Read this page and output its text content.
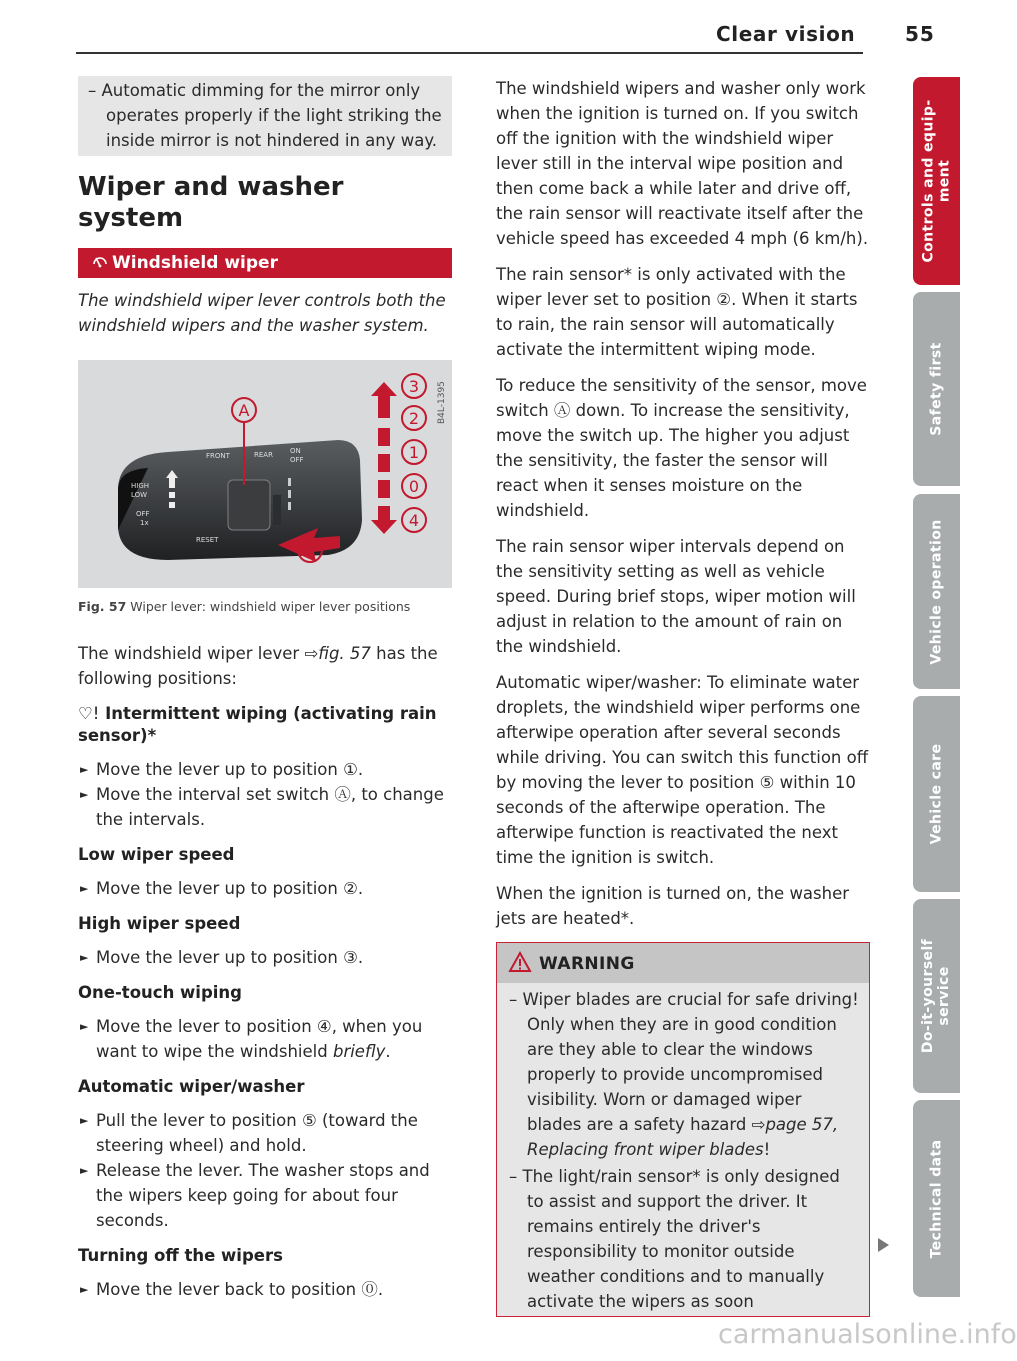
Clear vision 55
Controls and equip-
ment
Safety first
Vehicle operation
Vehicle care
Do-it-yourself
service
Technical data

– Automatic dimming for the mirror only operates properly if the light striking the inside mirror is not hindered in any way.

Wiper and washer system
Windshield wiper

The windshield wiper lever controls both the windshield wipers and the washer system.

FRONT	REAR ON
OFF
HIGH
LOW
OFF
1x
RESET
A
3
2
1
0
4
5
B4L-1395
Fig. 57 Wiper lever: windshield wiper lever positions

The windshield wiper lever ⇨fig. 57 has the following positions:

♡! Intermittent wiping (activating rain sensor)*

► Move the lever up to position ①.

► Move the interval set switch Ⓐ, to change the intervals.

Low wiper speed

► Move the lever up to position ②.

High wiper speed

► Move the lever up to position ③.

One-touch wiping

► Move the lever to position ④, when you want to wipe the windshield briefly.

Automatic wiper/washer

► Pull the lever to position ⑤ (toward the steering wheel) and hold.

► Release the lever. The washer stops and the wipers keep going for about four seconds.

Turning off the wipers

► Move the lever back to position ⓪.

The windshield wipers and washer only work when the ignition is turned on. If you switch off the ignition with the windshield wiper lever still in the interval wipe position and then come back a while later and drive off, the rain sensor will reactivate itself after the vehicle speed has exceeded 4 mph (6 km/h).

The rain sensor* is only activated with the wiper lever set to position ②. When it starts to rain, the rain sensor will automatically activate the intermittent wiping mode.

To reduce the sensitivity of the sensor, move switch Ⓐ down. To increase the sensitivity, move the switch up. The higher you adjust the sensitivity, the faster the sensor will react when it senses moisture on the windshield.

The rain sensor wiper intervals depend on the sensitivity setting as well as vehicle speed. During brief stops, wiper motion will adjust in relation to the amount of rain on the windshield.

Automatic wiper/washer: To eliminate water droplets, the windshield wiper performs one afterwipe operation after several seconds while driving. You can switch this function off by moving the lever to position ⑤ within 10 seconds of the afterwipe operation. The afterwipe function is reactivated the next time the ignition is switch.

When the ignition is turned on, the washer jets are heated*.

WARNING

– Wiper blades are crucial for safe driving! Only when they are in good condition are they able to clear the windows properly to provide uncompromised visibility. Worn or damaged wiper blades are a safety hazard ⇨page 57, Replacing front wiper blades!

– The light/rain sensor* is only designed to assist and support the driver. It remains entirely the driver's responsibility to monitor outside weather conditions and to manually activate the wipers as soon

carmanualsonline.info
